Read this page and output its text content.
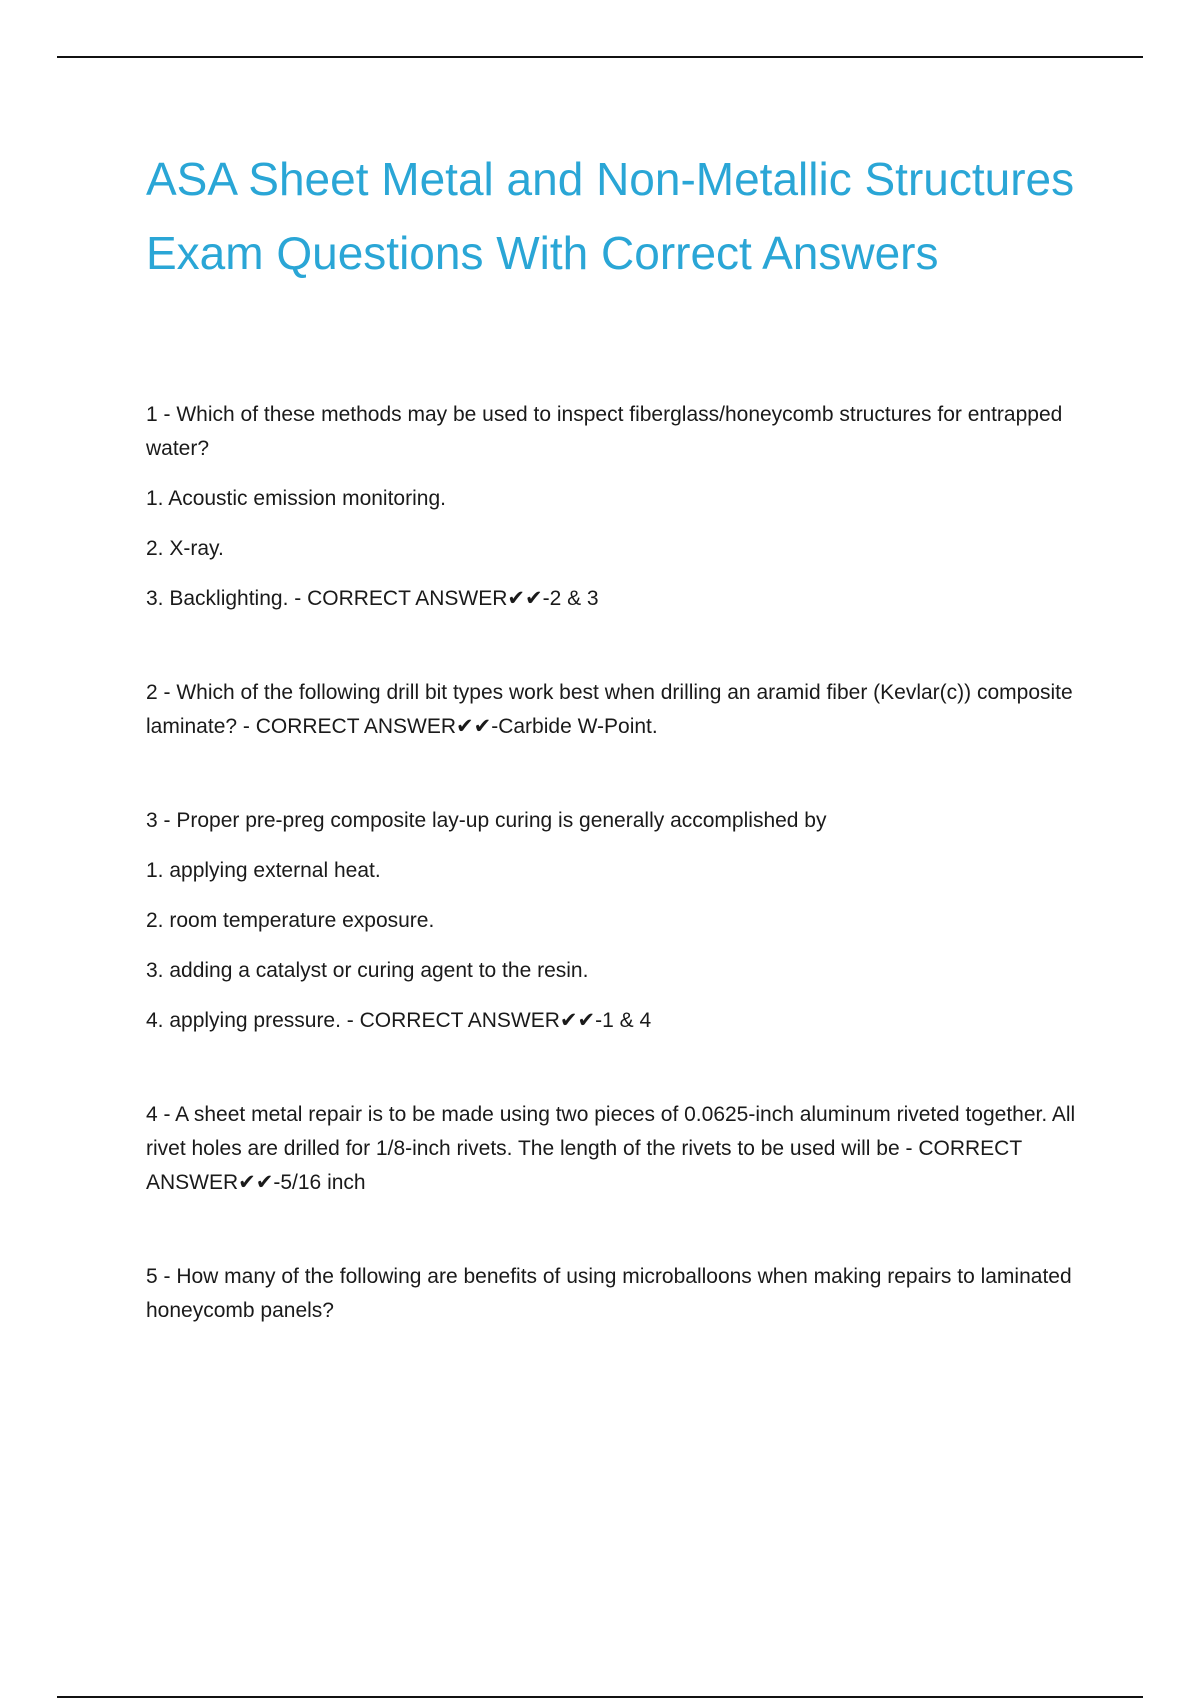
ASA Sheet Metal and Non-Metallic Structures Exam Questions With Correct Answers

1 - Which of these methods may be used to inspect fiberglass/honeycomb structures for entrapped water?

1. Acoustic emission monitoring.

2. X-ray.

3. Backlighting. - CORRECT ANSWER✔✔-2 & 3

2 - Which of the following drill bit types work best when drilling an aramid fiber (Kevlar(c)) composite laminate? - CORRECT ANSWER✔✔-Carbide W-Point.

3 - Proper pre-preg composite lay-up curing is generally accomplished by

1. applying external heat.

2. room temperature exposure.

3. adding a catalyst or curing agent to the resin.

4. applying pressure. - CORRECT ANSWER✔✔-1 & 4

4 - A sheet metal repair is to be made using two pieces of 0.0625-inch aluminum riveted together. All rivet holes are drilled for 1/8-inch rivets. The length of the rivets to be used will be - CORRECT ANSWER✔✔-5/16 inch

5 - How many of the following are benefits of using microballoons when making repairs to laminated honeycomb panels?
